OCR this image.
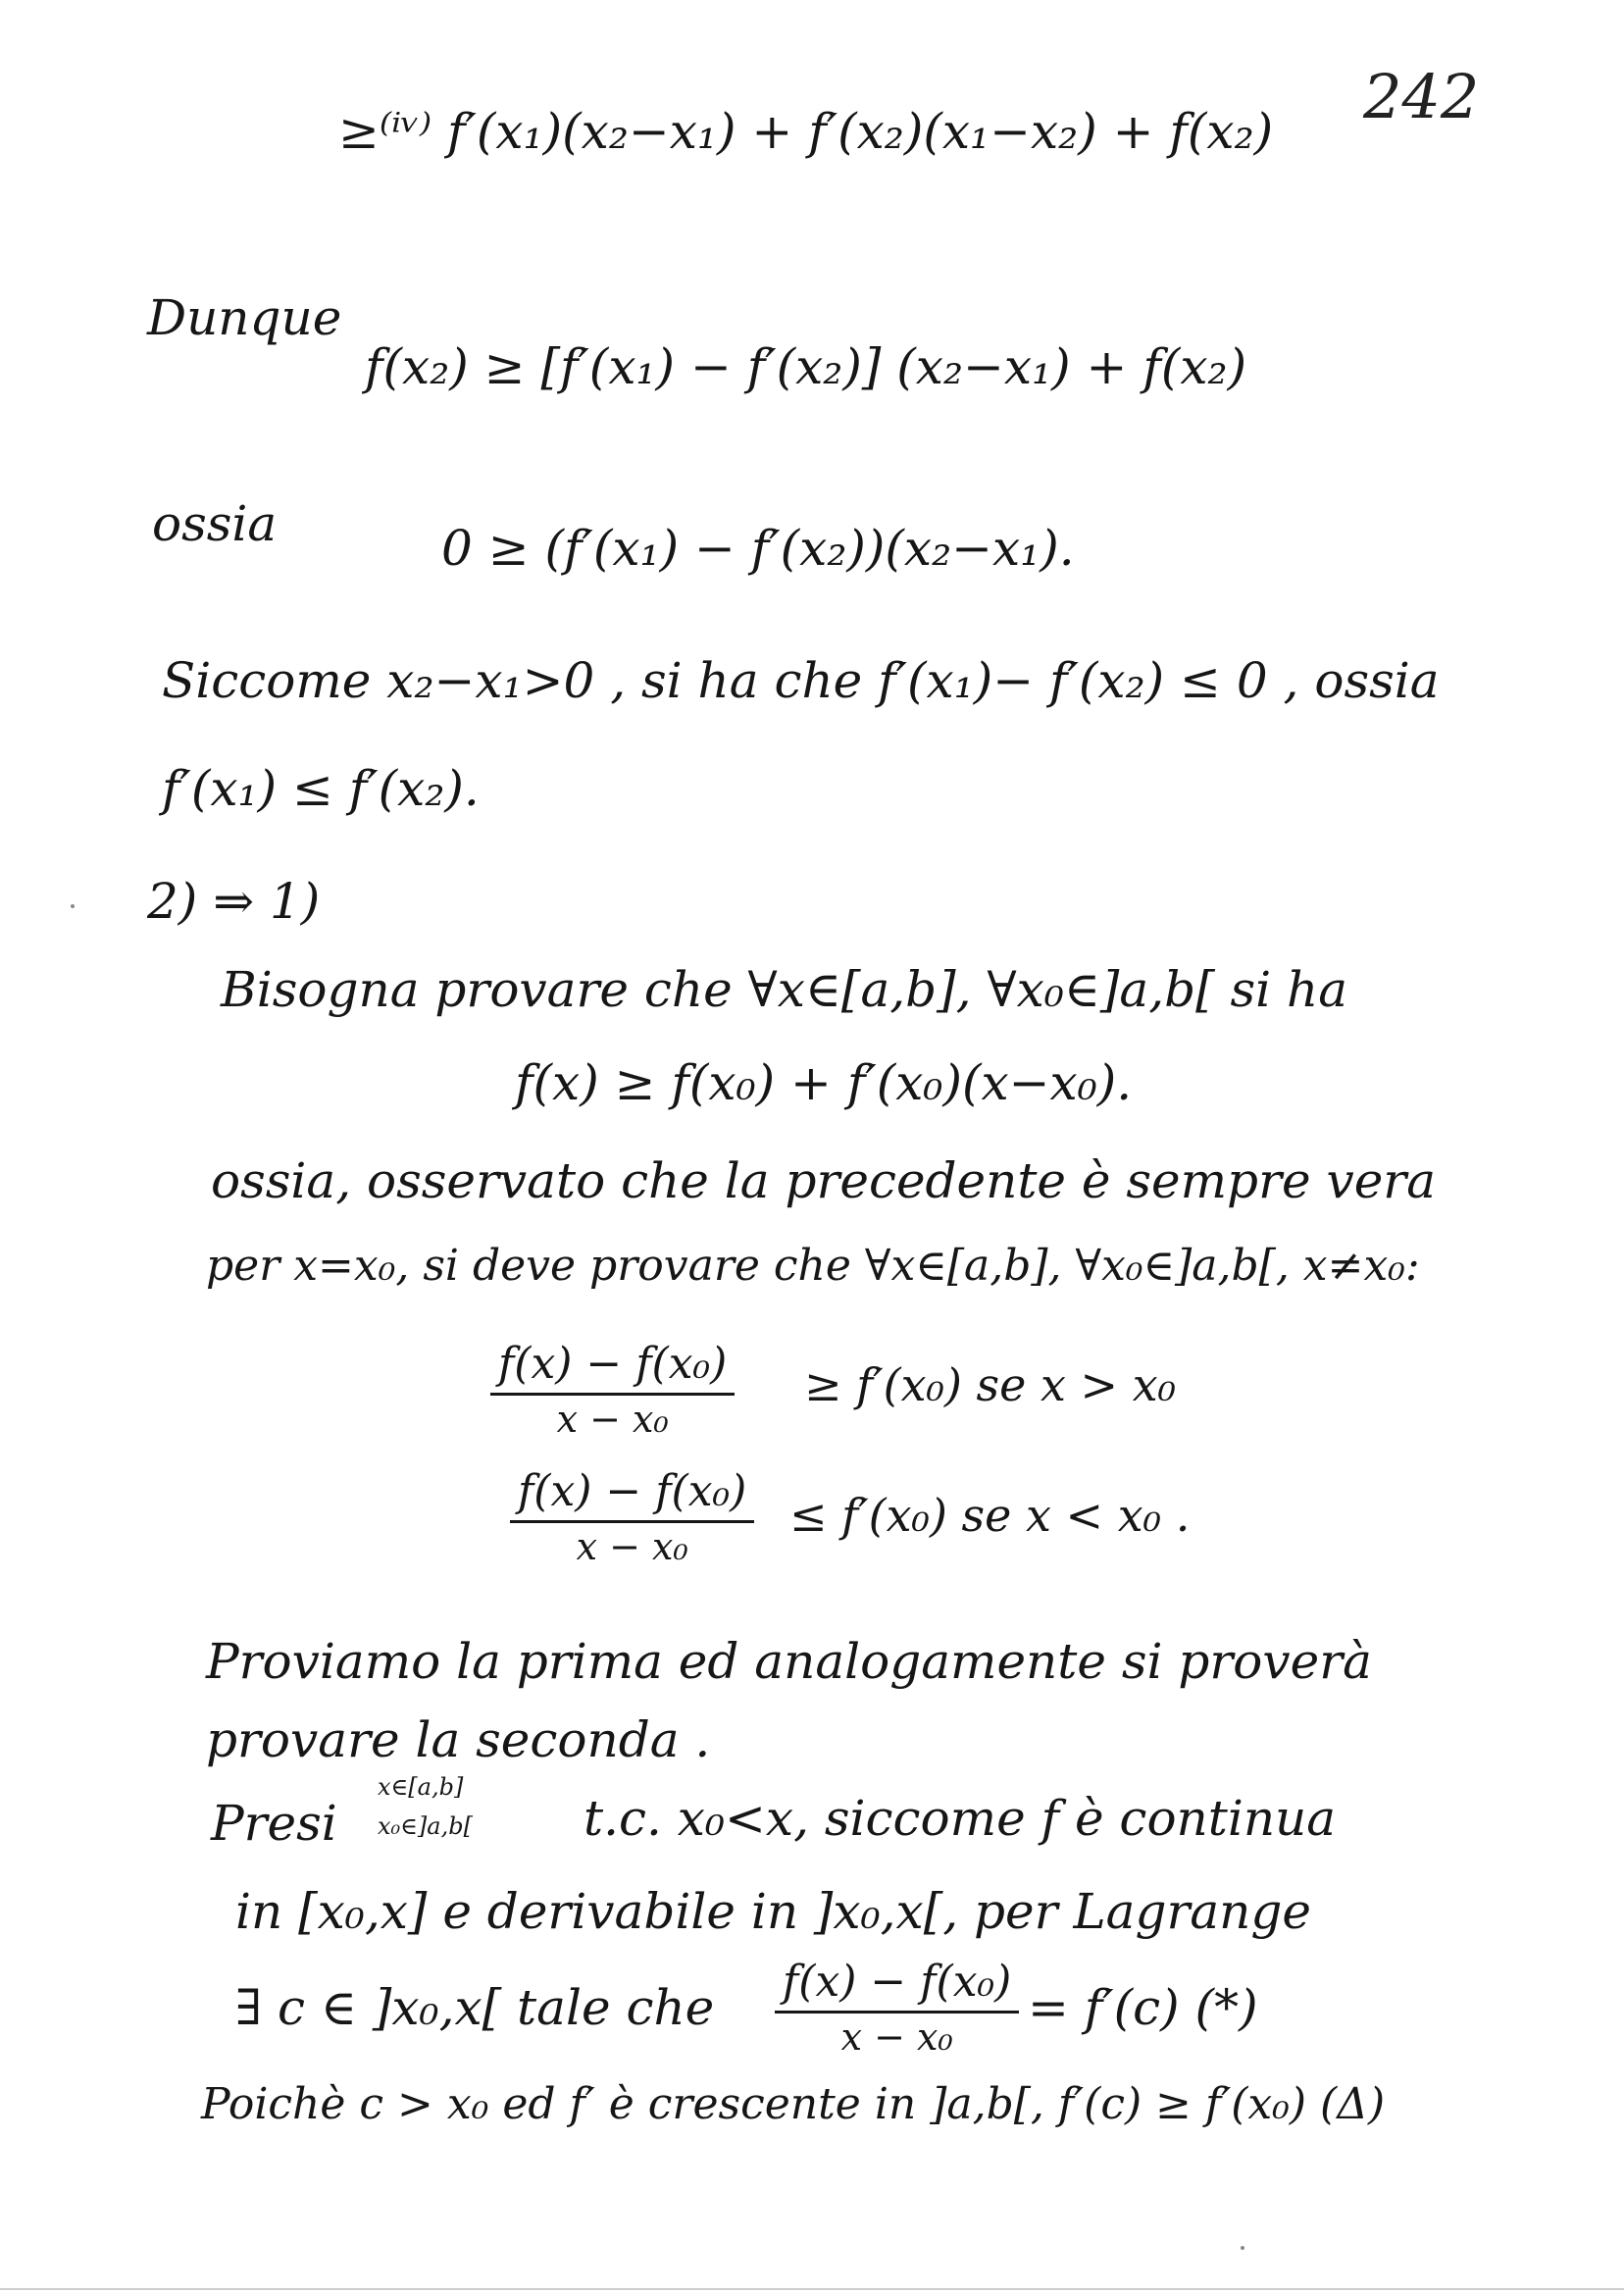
242
≥⁽ⁱᵛ⁾ f′(x₁)(x₂−x₁) + f′(x₂)(x₁−x₂) + f(x₂)
Dunque
f(x₂) ≥ [f′(x₁) − f′(x₂)] (x₂−x₁) + f(x₂)
ossia	0 ≥ (f′(x₁) − f′(x₂))(x₂−x₁).
Siccome x₂−x₁>0 , si ha che f′(x₁)− f′(x₂) ≤ 0 , ossia
f′(x₁) ≤ f′(x₂).
2) ⇒ 1)
Bisogna provare che ∀x∈[a,b], ∀x₀∈]a,b[ si ha
f(x) ≥ f(x₀) + f′(x₀)(x−x₀).
ossia, osservato che la precedente è sempre vera
per x=x₀, si deve provare che ∀x∈[a,b], ∀x₀∈]a,b[, x≠x₀:
$\frac{\text{f(x) − f(x₀)}}{\text{x − x₀}} \ge f'(x_0)$ se x > x₀
$\frac{\text{f(x) − f(x₀)}}{\text{x − x₀}} \le f'(x_0)$ se x < x₀ .
Proviamo la prima ed analogamente si proverà
provare la seconda .
Presi
x∈[a,b]
x₀∈]a,b[ t.c. x₀<x, siccome f è continua
in [x₀,x] e derivabile in ]x₀,x[, per Lagrange
∃ c ∈ ]x₀,x[ tale che $\frac{\text{f(x) − f(x₀)}}{\text{x − x₀}} = f'(c)$ (*)
Poichè c > x₀ ed f′ è crescente in ]a,b[, f′(c) ≥ f′(x₀) (Δ)
